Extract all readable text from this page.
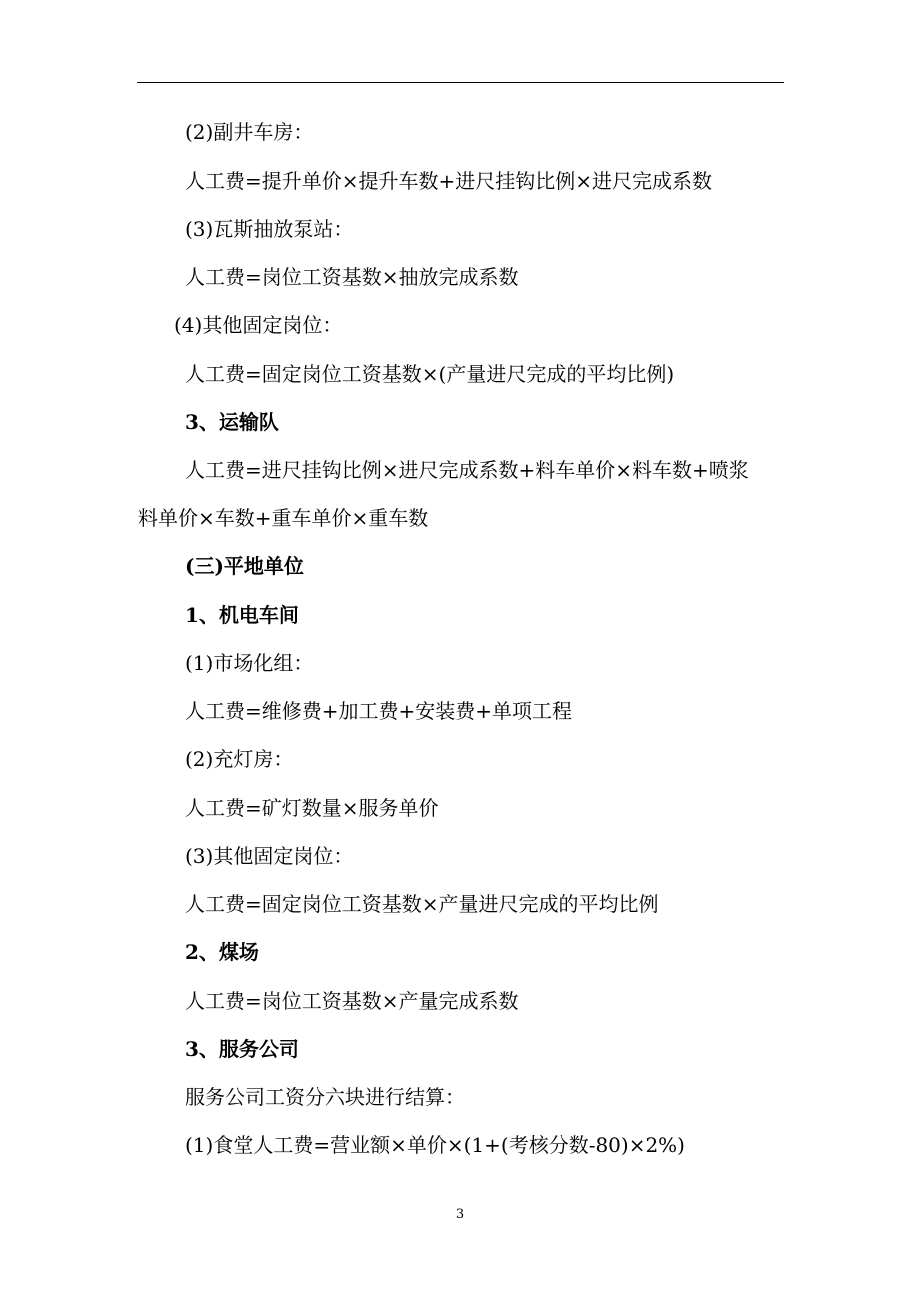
(2)副井车房：
人工费=提升单价×提升车数+进尺挂钩比例×进尺完成系数
(3)瓦斯抽放泵站：
人工费=岗位工资基数×抽放完成系数
(4)其他固定岗位：
人工费=固定岗位工资基数×(产量进尺完成的平均比例)
3、运输队
人工费=进尺挂钩比例×进尺完成系数+料车单价×料车数+喷浆
料单价×车数+重车单价×重车数
(三)平地单位
1、机电车间
(1)市场化组：
人工费=维修费+加工费+安装费+单项工程
(2)充灯房：
人工费=矿灯数量×服务单价
(3)其他固定岗位：
人工费=固定岗位工资基数×产量进尺完成的平均比例
2、煤场
人工费=岗位工资基数×产量完成系数
3、服务公司
服务公司工资分六块进行结算：
(1)食堂人工费=营业额×单价×(1+(考核分数-80)×2%)
3
